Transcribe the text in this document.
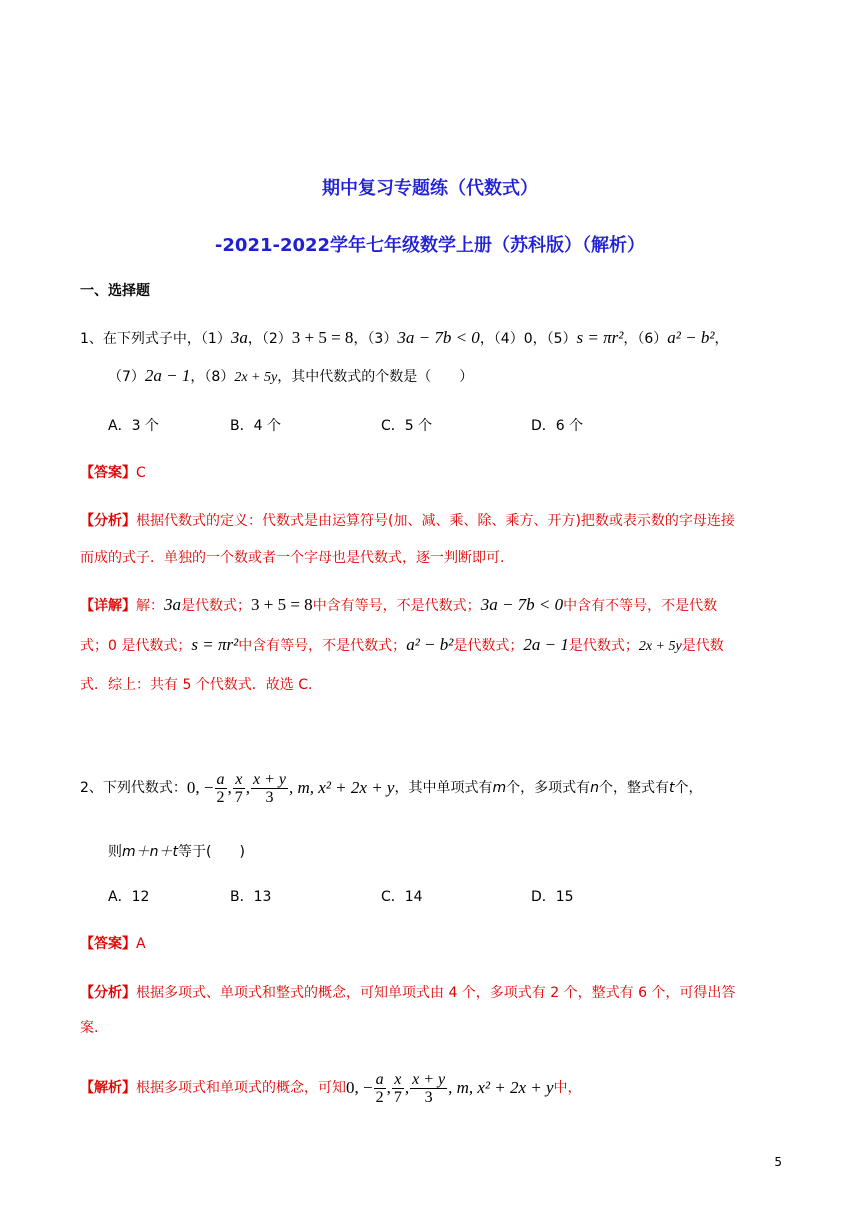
期中复习专题练（代数式）
-2021-2022学年七年级数学上册（苏科版）（解析）
一、选择题
1、在下列式子中，（1）3a，（2）3 + 5 = 8，（3）3a − 7b < 0，（4）0，（5）s = πr²，（6）a² − b²，
（7）2a − 1，（8）2x + 5y，其中代数式的个数是（　　）
A．3 个	B．4 个	C．5 个	D．6 个
【答案】C
【分析】根据代数式的定义：代数式是由运算符号(加、减、乘、除、乘方、开方)把数或表示数的字母连接
而成的式子．单独的一个数或者一个字母也是代数式，逐一判断即可.
【详解】解：3a是代数式；3 + 5 = 8中含有等号，不是代数式；3a − 7b < 0中含有不等号，不是代数
式；0 是代数式；s = πr²中含有等号，不是代数式；a² − b²是代数式；2a − 1是代数式；2x + 5y是代数
式．综上：共有 5 个代数式．故选 C.
2、下列代数式：0, − $\frac{a}{2}$ , $\frac{x}{7}$ , $\frac{x + y}{3}$ , m, x² + 2x + y，其中单项式有m个，多项式有n个，整式有t个，
则m＋n＋t等于(　　)
A．12	B．13	C．14	D．15
【答案】A
【分析】根据多项式、单项式和整式的概念，可知单项式由 4 个，多项式有 2 个，整式有 6 个，可得出答
案.
【解析】根据多项式和单项式的概念，可知0, − $\frac{a}{2}$ , $\frac{x}{7}$ , $\frac{x + y}{3}$ , m, x² + 2x + y中，
5
